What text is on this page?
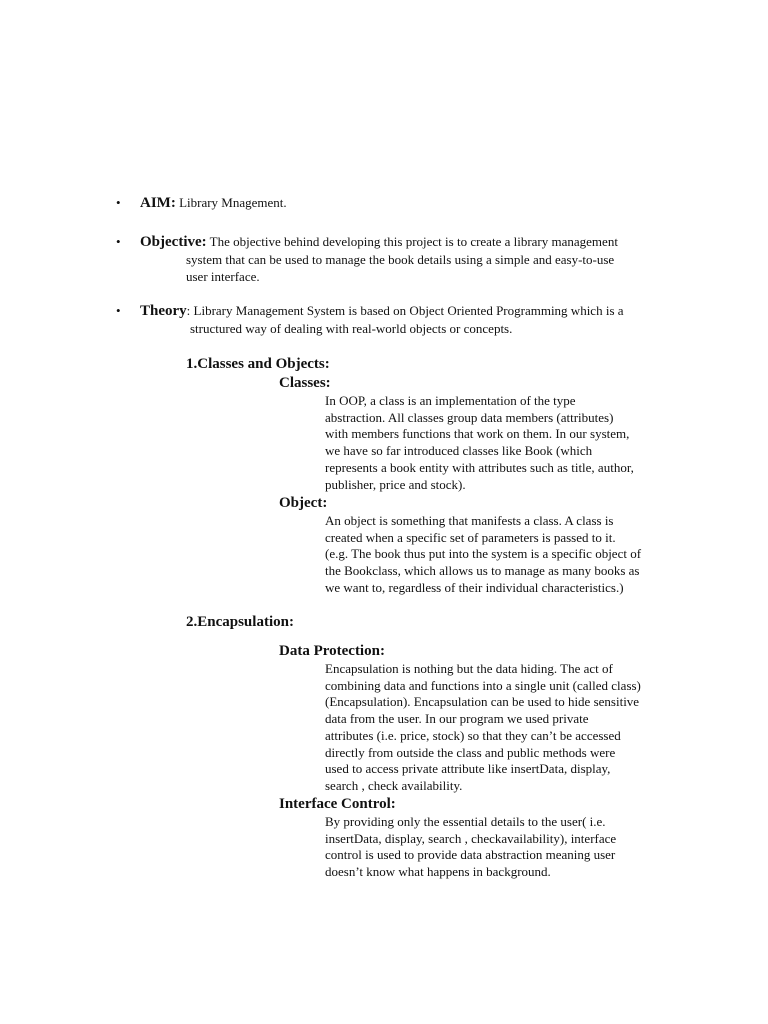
• AIM: Library Mnagement.
• Objective: The objective behind developing this project is to create a library management
system that can be used to manage the book details using a simple and easy-to-use
user interface.
• Theory: Library Management System is based on Object Oriented Programming which is a
structured way of dealing with real-world objects or concepts.
1.Classes and Objects:
Classes:
In OOP, a class is an implementation of the type
abstraction. All classes group data members (attributes)
with members functions that work on them. In our system,
we have so far introduced classes like Book (which
represents a book entity with attributes such as title, author,
publisher, price and stock).
Object:
An object is something that manifests a class. A class is
created when a specific set of parameters is passed to it.
(e.g. The book thus put into the system is a specific object of
the Bookclass, which allows us to manage as many books as
we want to, regardless of their individual characteristics.)
2.Encapsulation:
Data Protection:
Encapsulation is nothing but the data hiding. The act of
combining data and functions into a single unit (called class)
(Encapsulation). Encapsulation can be used to hide sensitive
data from the user. In our program we used private
attributes (i.e. price, stock) so that they can’t be accessed
directly from outside the class and public methods were
used to access private attribute like insertData, display,
search , check availability.
Interface Control:
By providing only the essential details to the user( i.e.
insertData, display, search , checkavailability), interface
control is used to provide data abstraction meaning user
doesn’t know what happens in background.
